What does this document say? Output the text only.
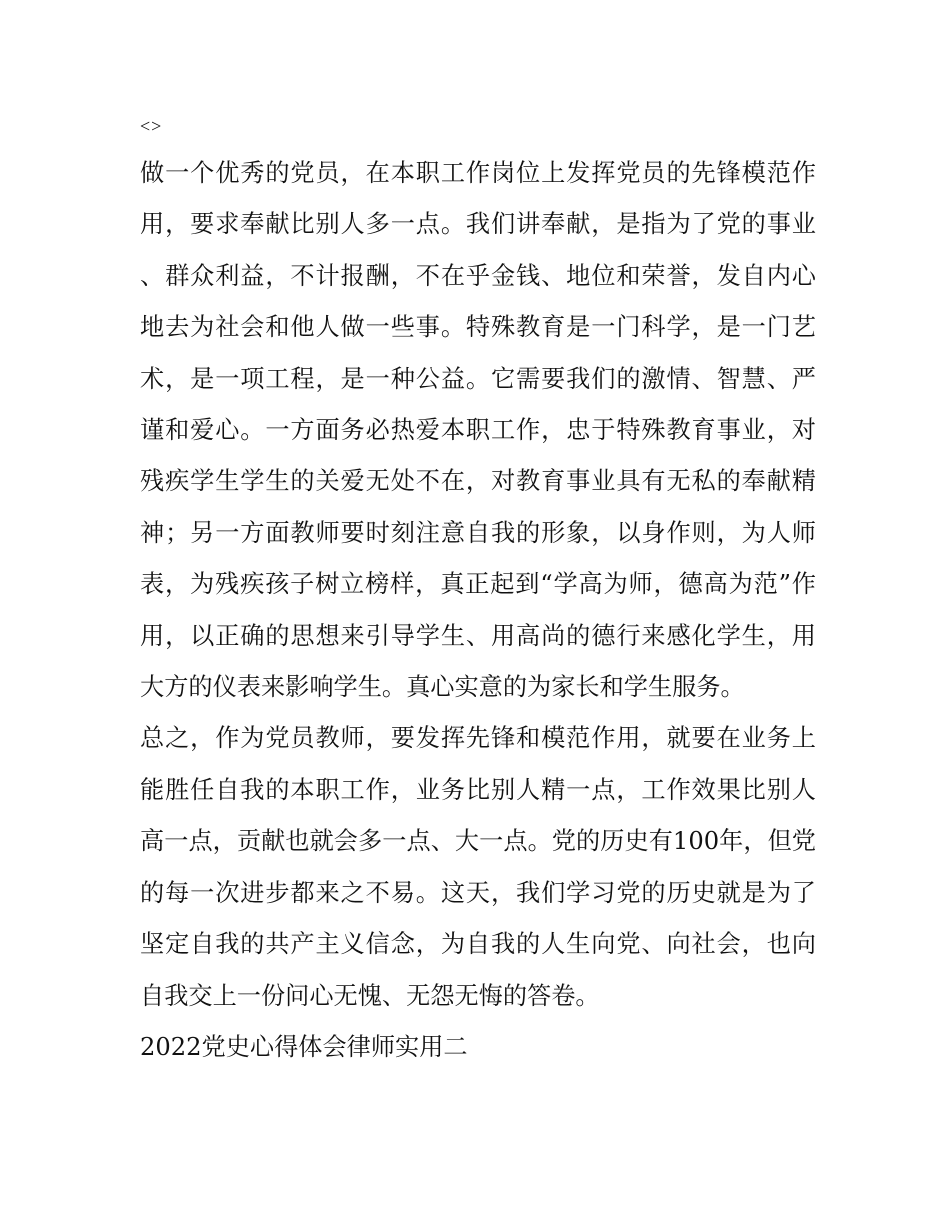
<>

做一个优秀的党员，在本职工作岗位上发挥党员的先锋模范作用，要求奉献比别人多一点。我们讲奉献，是指为了党的事业、群众利益，不计报酬，不在乎金钱、地位和荣誉，发自内心地去为社会和他人做一些事。特殊教育是一门科学，是一门艺术，是一项工程，是一种公益。它需要我们的激情、智慧、严谨和爱心。一方面务必热爱本职工作，忠于特殊教育事业，对残疾学生学生的关爱无处不在，对教育事业具有无私的奉献精神；另一方面教师要时刻注意自我的形象，以身作则，为人师表，为残疾孩子树立榜样，真正起到“学高为师，德高为范”作用，以正确的思想来引导学生、用高尚的德行来感化学生，用大方的仪表来影响学生。真心实意的为家长和学生服务。

总之，作为党员教师，要发挥先锋和模范作用，就要在业务上能胜任自我的本职工作，业务比别人精一点，工作效果比别人高一点，贡献也就会多一点、大一点。党的历史有100年，但党的每一次进步都来之不易。这天，我们学习党的历史就是为了坚定自我的共产主义信念，为自我的人生向党、向社会，也向自我交上一份问心无愧、无怨无悔的答卷。

2022党史心得体会律师实用二
